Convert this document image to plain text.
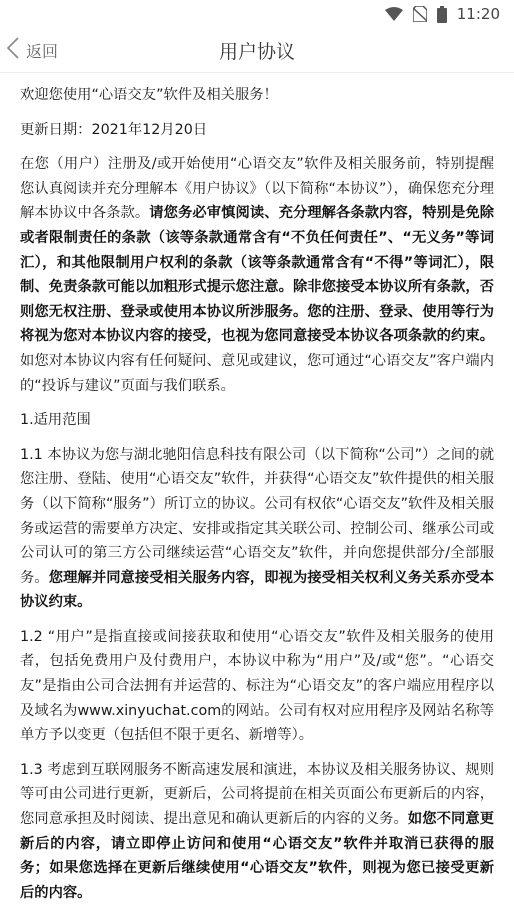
11:20
返回	用户协议

欢迎您使用“心语交友”软件及相关服务！

更新日期：2021年12月20日

在您（用户）注册及/或开始使用“心语交友”软件及相关服务前，特别提醒您认真阅读并充分理解本《用户协议》（以下简称“本协议”），确保您充分理解本协议中各条款。请您务必审慎阅读、充分理解各条款内容，特别是免除或者限制责任的条款（该等条款通常含有“不负任何责任”、“无义务”等词汇），和其他限制用户权利的条款（该等条款通常含有“不得”等词汇），限制、免责条款可能以加粗形式提示您注意。除非您接受本协议所有条款，否则您无权注册、登录或使用本协议所涉服务。您的注册、登录、使用等行为将视为您对本协议内容的接受，也视为您同意接受本协议各项条款的约束。 如您对本协议内容有任何疑问、意见或建议，您可通过“心语交友”客户端内的“投诉与建议”页面与我们联系。

1.适用范围

1.1 本协议为您与湖北驰阳信息科技有限公司（以下简称“公司”）之间的就您注册、登陆、使用“心语交友”软件，并获得“心语交友”软件提供的相关服务（以下简称“服务”）所订立的协议。公司有权依“心语交友”软件及相关服务或运营的需要单方决定、安排或指定其关联公司、控制公司、继承公司或公司认可的第三方公司继续运营“心语交友”软件，并向您提供部分/全部服务。您理解并同意接受相关服务内容，即视为接受相关权利义务关系亦受本协议约束。

1.2 “用户”是指直接或间接获取和使用“心语交友”软件及相关服务的使用者，包括免费用户及付费用户，本协议中称为“用户”及/或“您”。“心语交友”是指由公司合法拥有并运营的、标注为“心语交友”的客户端应用程序以及域名为www.xinyuchat.com的网站。公司有权对应用程序及网站名称等单方予以变更（包括但不限于更名、新增等）。

1.3 考虑到互联网服务不断高速发展和演进，本协议及相关服务协议、规则等可由公司进行更新，更新后，公司将提前在相关页面公布更新后的内容，您同意承担及时阅读、提出意见和确认更新后的内容的义务。如您不同意更新后的内容，请立即停止访问和使用“心语交友”软件并取消已获得的服务；如果您选择在更新后继续使用“心语交友”软件，则视为您已接受更新后的内容。
